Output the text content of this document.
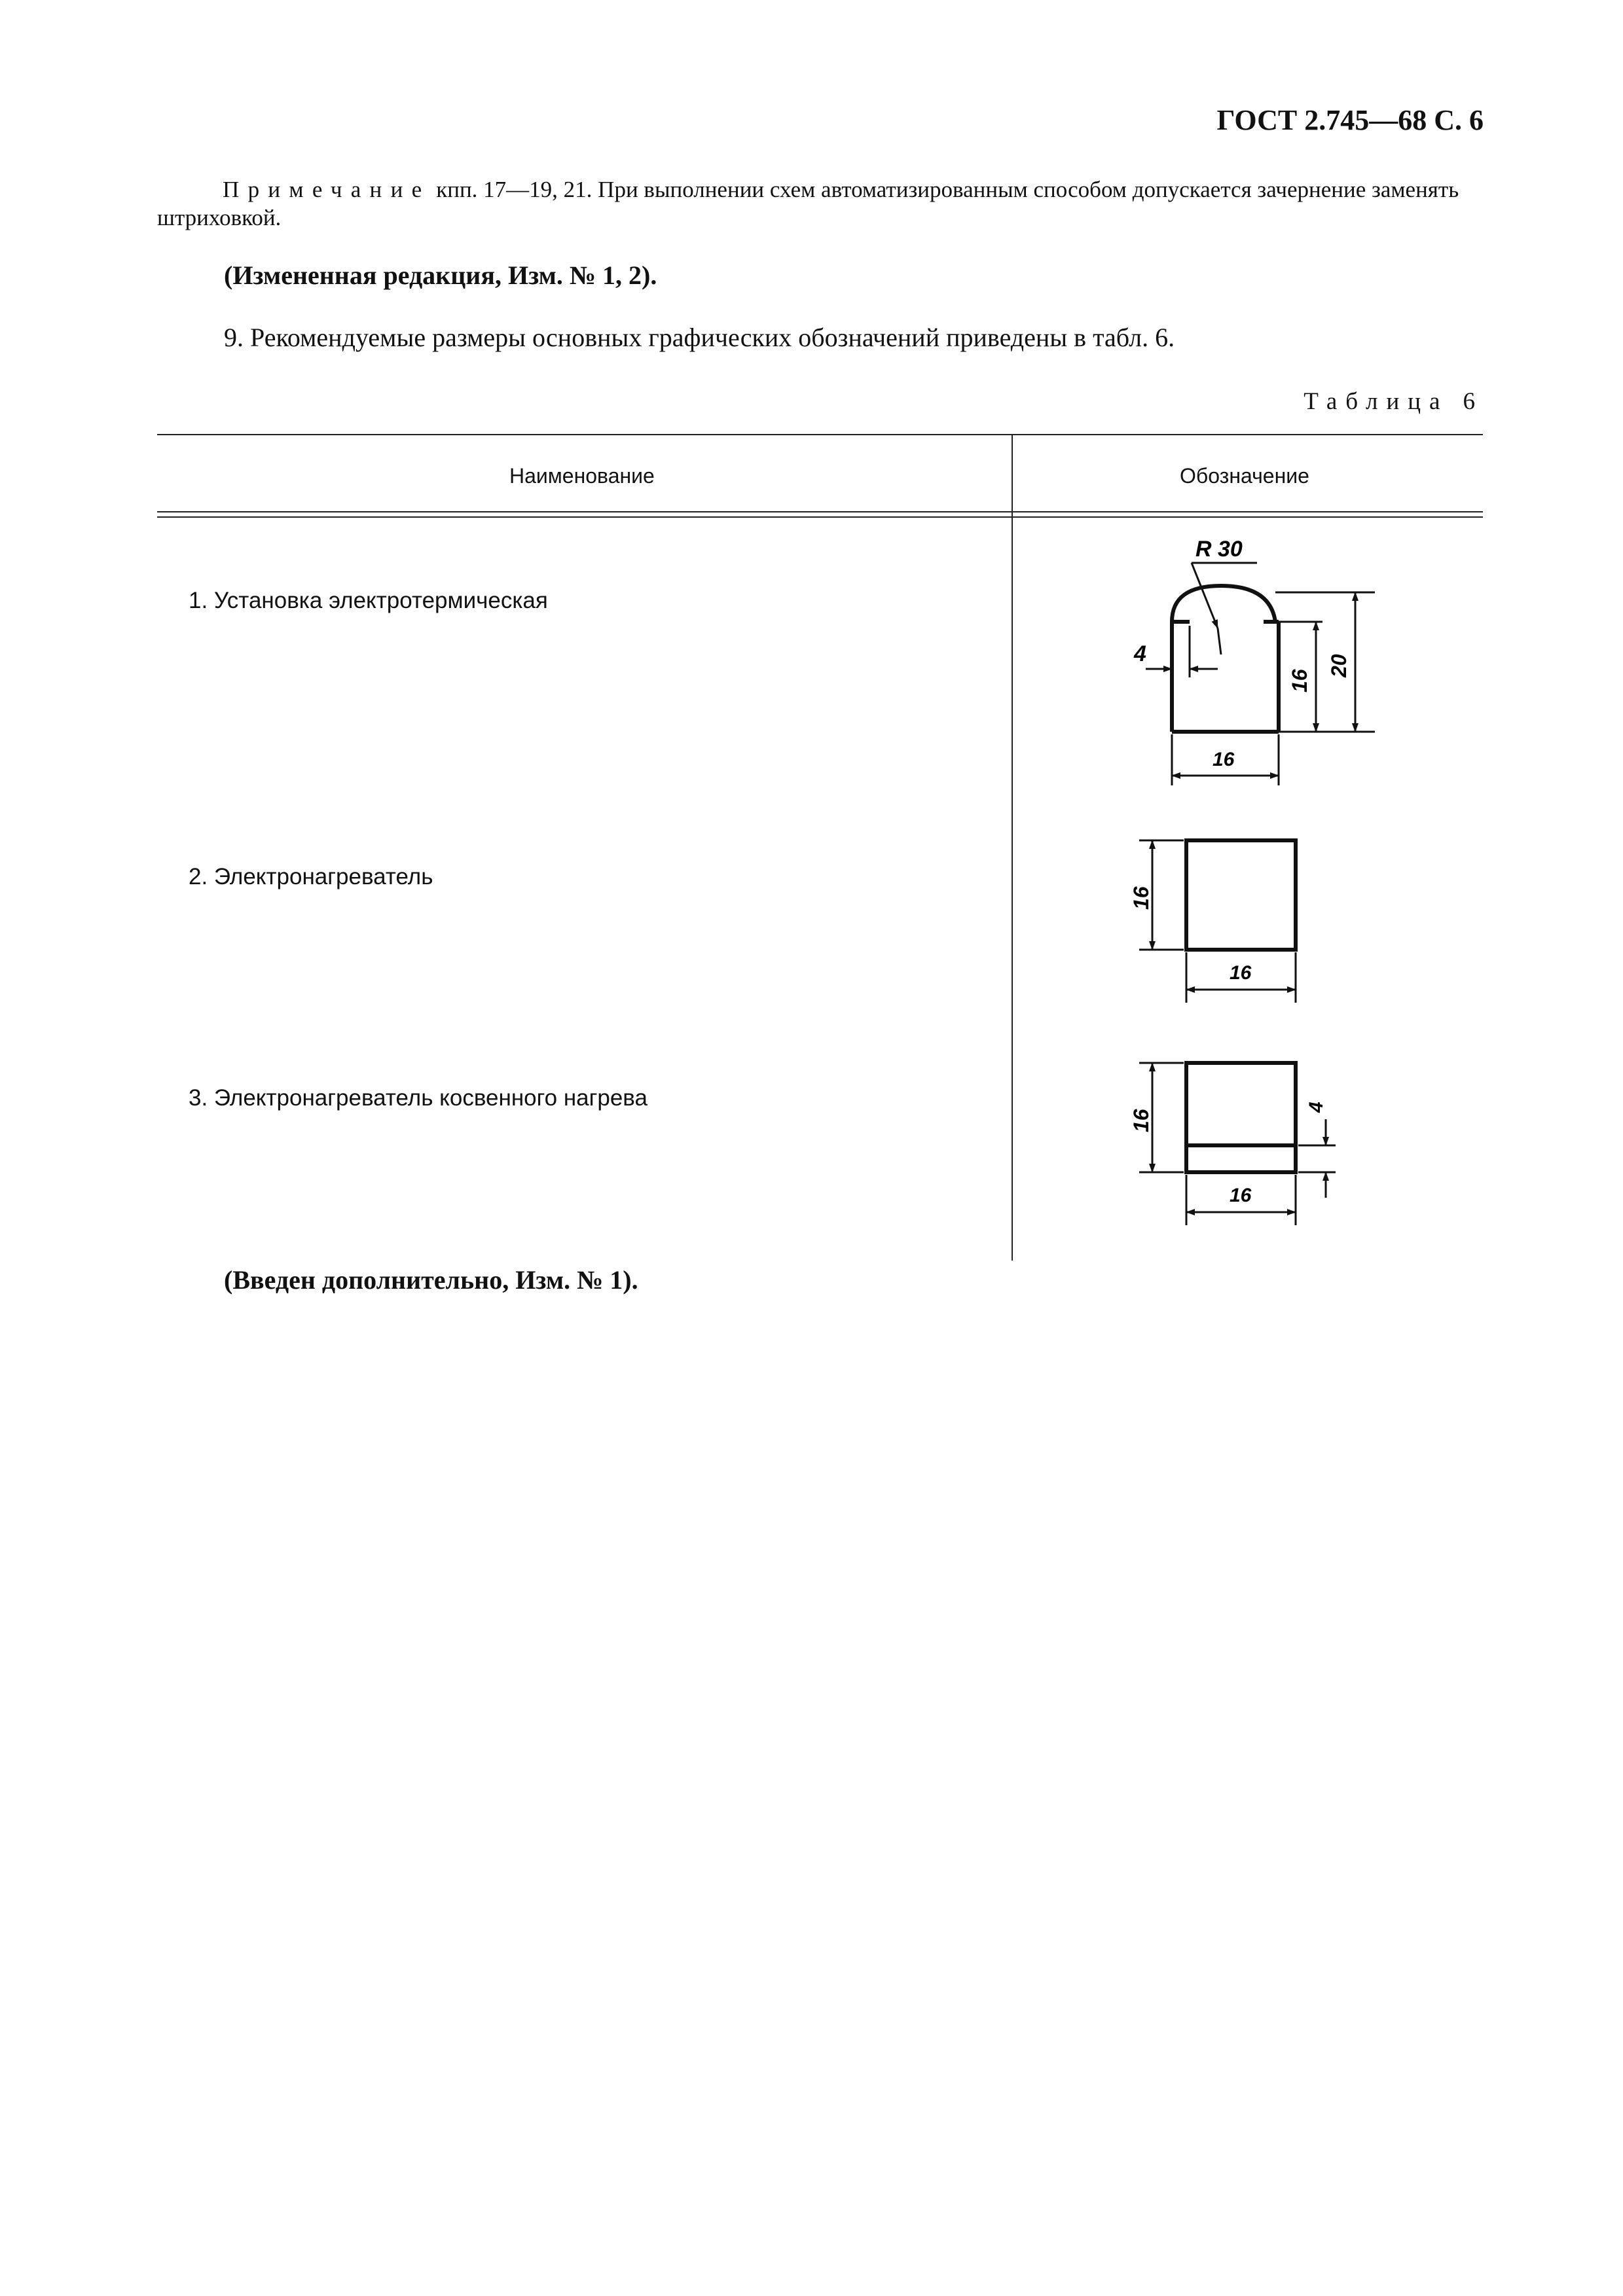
ГОСТ 2.745—68 С. 6
Примечание кпп. 17—19, 21. При выполнении схем автоматизированным способом допускается зачернение заменять штриховкой.
(Измененная редакция, Изм. № 1, 2).
9. Рекомендуемые размеры основных графических обозначений приведены в табл. 6.
Таблица 6
Наименование	Обозначение
1. Установка электротермическая
2. Электронагреватель
3. Электронагреватель косвенного нагрева
R 30
4
16
20
16
16
16
16
4
16
(Введен дополнительно, Изм. № 1).
